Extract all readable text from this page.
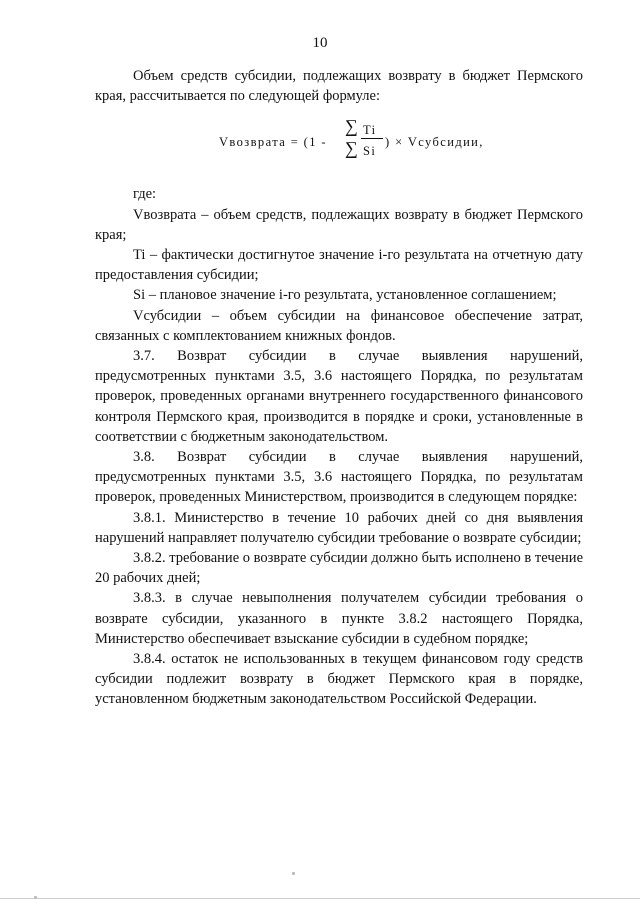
10

Объем средств субсидии, подлежащих возврату в бюджет Пермского края, рассчитывается по следующей формуле:

Vвозврата = (1 -
∑ Ti
∑ Si
) × Vсубсидии,

где:

Vвозврата – объем средств, подлежащих возврату в бюджет Пермского края;

Ti – фактически достигнутое значение i-го результата на отчетную дату предоставления субсидии;

Si – плановое значение i-го результата, установленное соглашением;

Vсубсидии – объем субсидии на финансовое обеспечение затрат, связанных с комплектованием книжных фондов.

3.7. Возврат субсидии в случае выявления нарушений, предусмотренных пунктами 3.5, 3.6 настоящего Порядка, по результатам проверок, проведенных органами внутреннего государственного финансового контроля Пермского края, производится в порядке и сроки, установленные в соответствии с бюджетным законодательством.

3.8. Возврат субсидии в случае выявления нарушений, предусмотренных пунктами 3.5, 3.6 настоящего Порядка, по результатам проверок, проведенных Министерством, производится в следующем порядке:

3.8.1. Министерство в течение 10 рабочих дней со дня выявления нарушений направляет получателю субсидии требование о возврате субсидии;

3.8.2. требование о возврате субсидии должно быть исполнено в течение 20 рабочих дней;

3.8.3. в случае невыполнения получателем субсидии требования о возврате субсидии, указанного в пункте 3.8.2 настоящего Порядка, Министерство обеспечивает взыскание субсидии в судебном порядке;

3.8.4. остаток не использованных в текущем финансовом году средств субсидии подлежит возврату в бюджет Пермского края в порядке, установленном бюджетным законодательством Российской Федерации.
